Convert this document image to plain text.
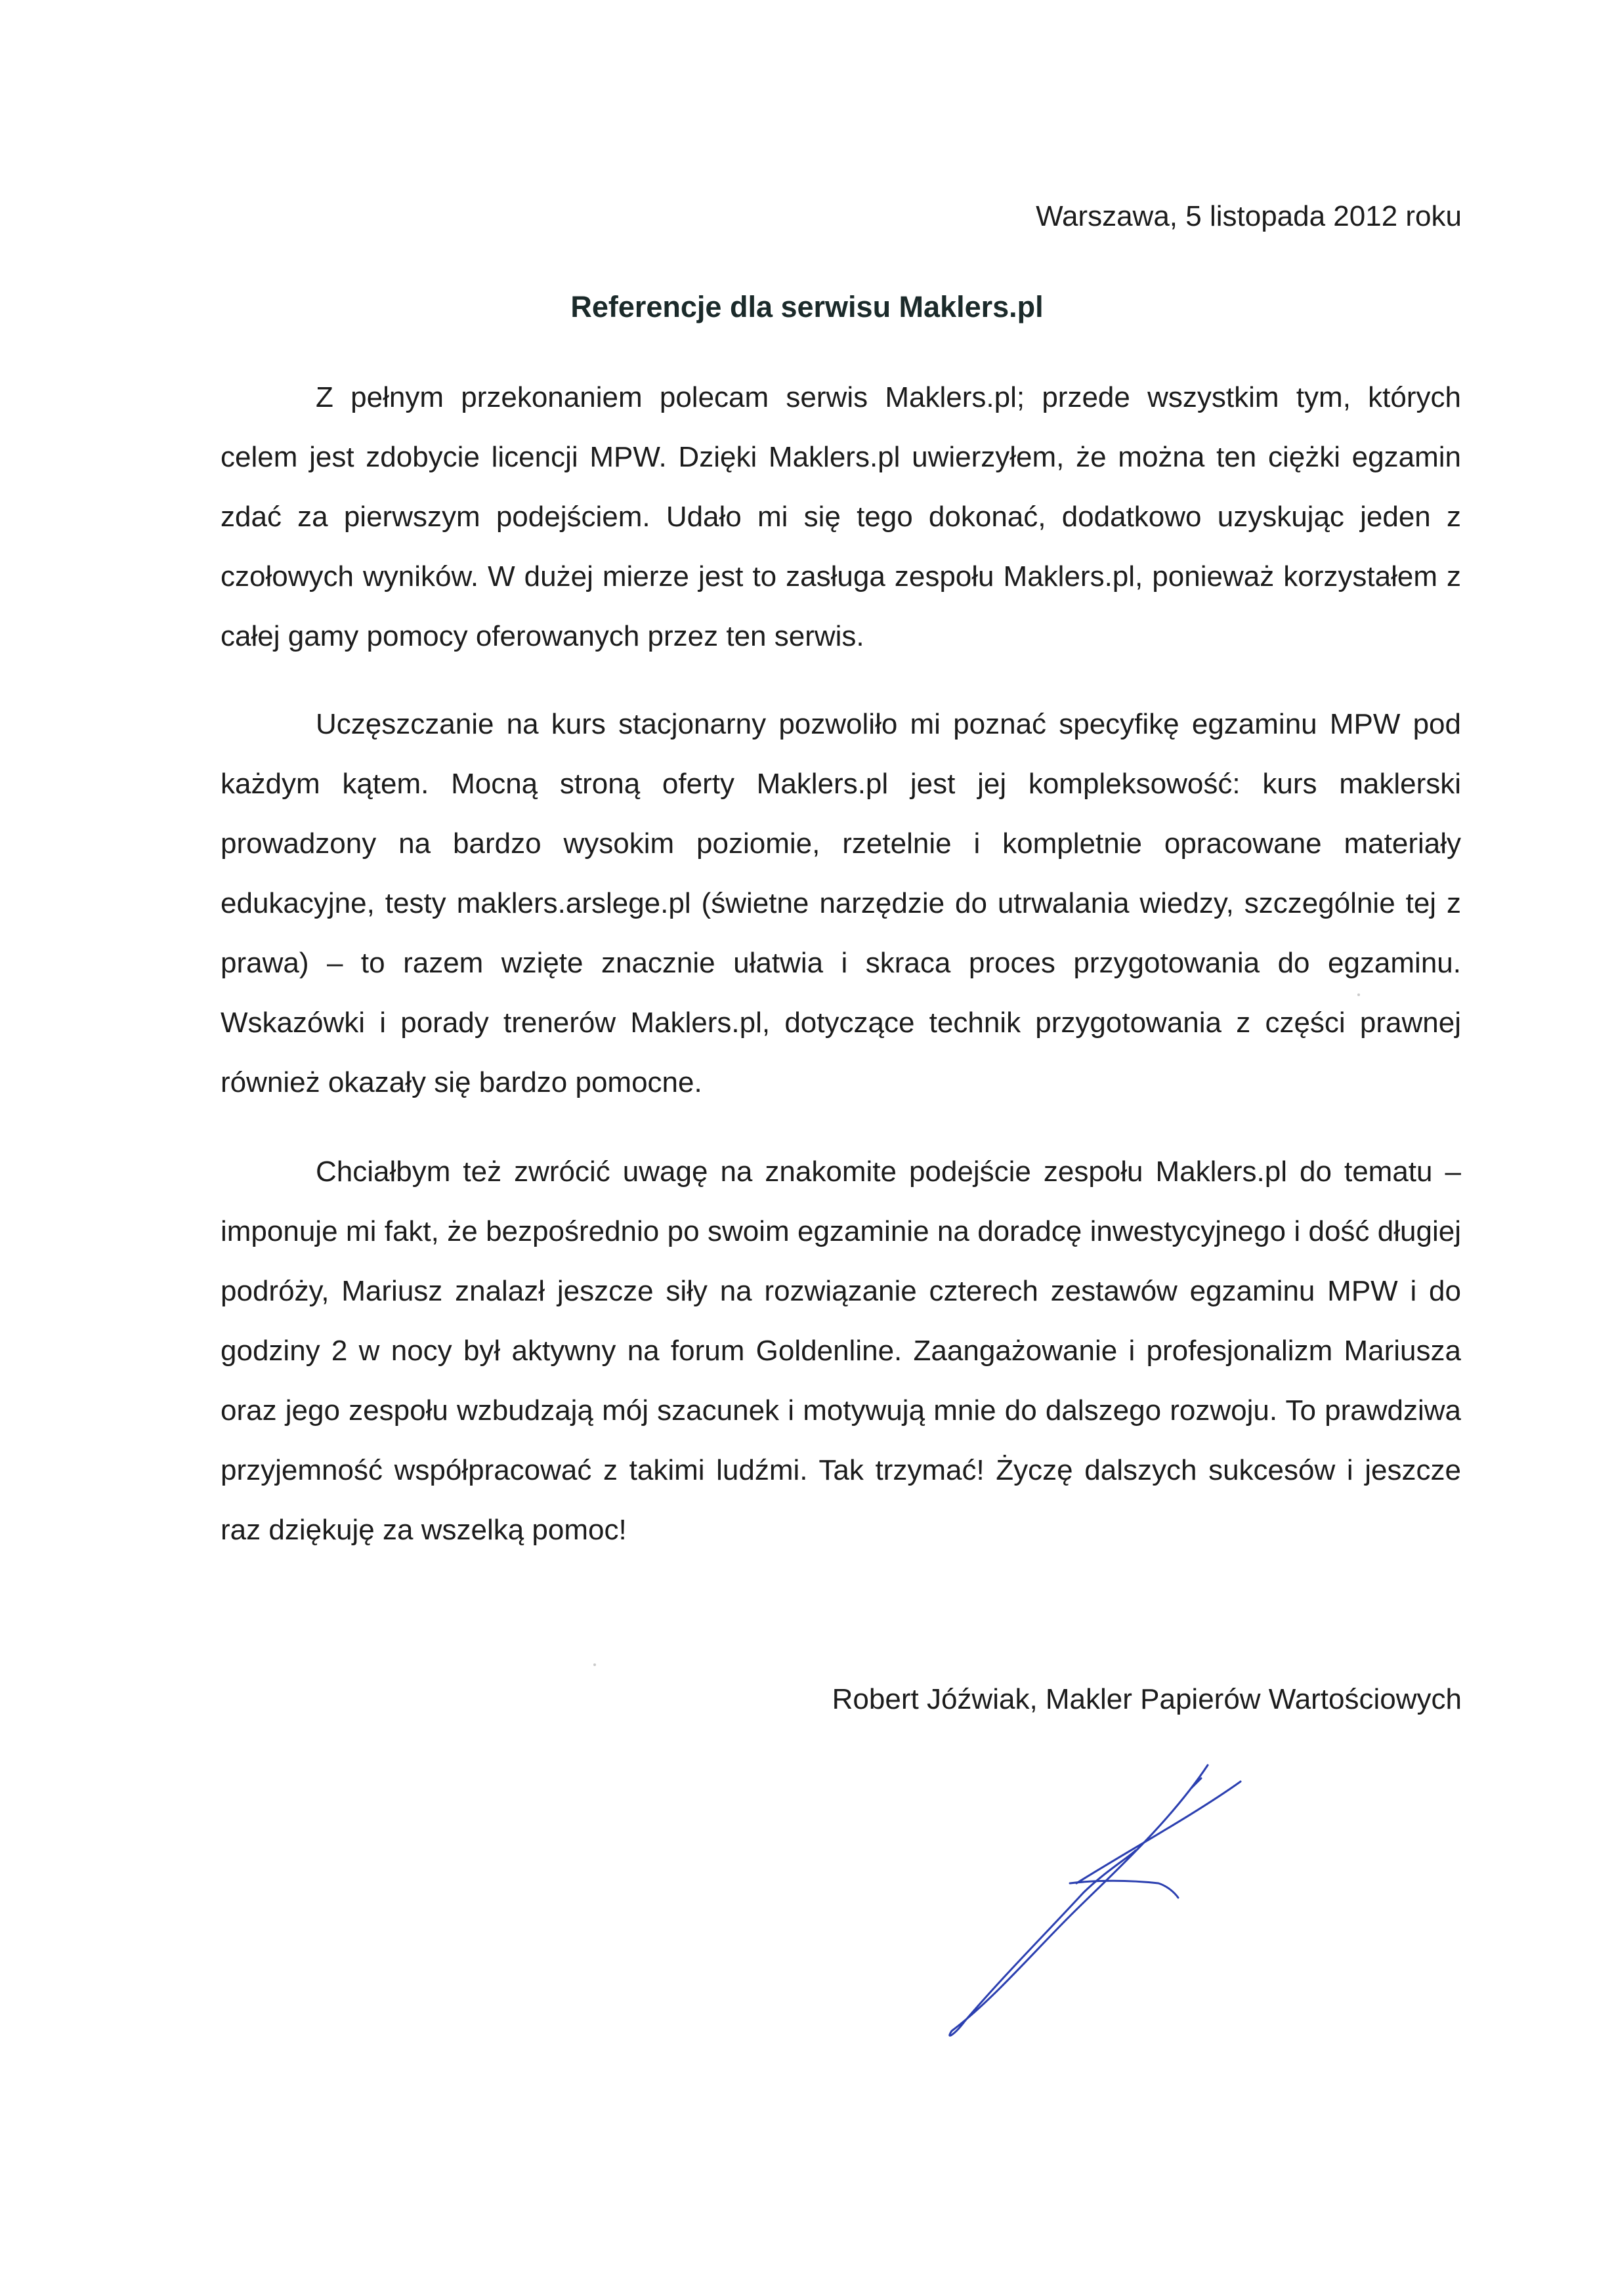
Warszawa, 5 listopada 2012 roku
Referencje dla serwisu Maklers.pl

Z pełnym przekonaniem polecam serwis Maklers.pl; przede wszystkim tym, których celem jest zdobycie licencji MPW. Dzięki Maklers.pl uwierzyłem, że można ten ciężki egzamin zdać za pierwszym podejściem. Udało mi się tego dokonać, dodatkowo uzyskując jeden z czołowych wyników. W dużej mierze jest to zasługa zespołu Maklers.pl, ponieważ korzystałem z całej gamy pomocy oferowanych przez ten serwis.

Uczęszczanie na kurs stacjonarny pozwoliło mi poznać specyfikę egzaminu MPW pod każdym kątem. Mocną stroną oferty Maklers.pl jest jej kompleksowość: kurs maklerski prowadzony na bardzo wysokim poziomie, rzetelnie i kompletnie opracowane materiały edukacyjne, testy maklers.arslege.pl (świetne narzędzie do utrwalania wiedzy, szczególnie tej z prawa) – to razem wzięte znacznie ułatwia i skraca proces przygotowania do egzaminu. Wskazówki i porady trenerów Maklers.pl, dotyczące technik przygotowania z części prawnej również okazały się bardzo pomocne.

Chciałbym też zwrócić uwagę na znakomite podejście zespołu Maklers.pl do tematu – imponuje mi fakt, że bezpośrednio po swoim egzaminie na doradcę inwestycyjnego i dość długiej podróży, Mariusz znalazł jeszcze siły na rozwiązanie czterech zestawów egzaminu MPW i do godziny 2 w nocy był aktywny na forum Goldenline. Zaangażowanie i profesjonalizm Mariusza oraz jego zespołu wzbudzają mój szacunek i motywują mnie do dalszego rozwoju. To prawdziwa przyjemność współpracować z takimi ludźmi. Tak trzymać! Życzę dalszych sukcesów i jeszcze raz dziękuję za wszelką pomoc!

Robert Jóźwiak, Makler Papierów Wartościowych
